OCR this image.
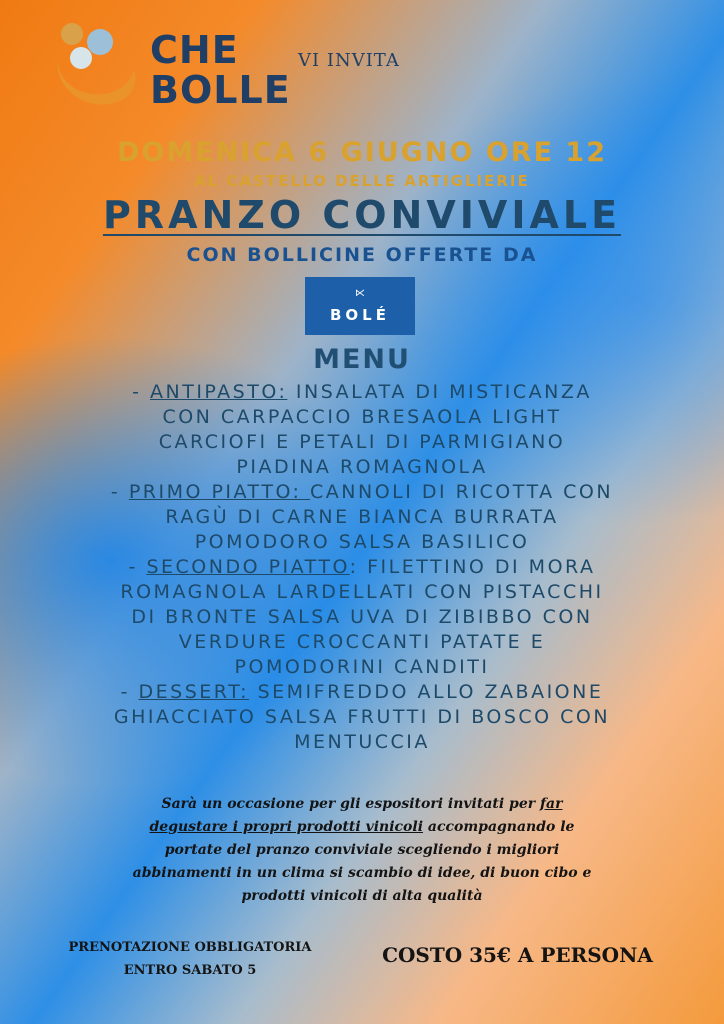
CHE
BOLLE
VI INVITA
DOMENICA 6 GIUGNO ORE 12
AL CASTELLO DELLE ARTIGLIERIE
PRANZO CONVIVIALE
CON BOLLICINE OFFERTE DA
⋉
BOLÉ
MENU
- ANTIPASTO: INSALATA DI MISTICANZA
CON CARPACCIO BRESAOLA LIGHT
CARCIOFI E PETALI DI PARMIGIANO
PIADINA ROMAGNOLA
- PRIMO PIATTO: CANNOLI DI RICOTTA CON
RAGÙ DI CARNE BIANCA BURRATA
POMODORO SALSA BASILICO
- SECONDO PIATTO: FILETTINO DI MORA
ROMAGNOLA LARDELLATI CON PISTACCHI
DI BRONTE SALSA UVA DI ZIBIBBO CON
VERDURE CROCCANTI PATATE E
POMODORINI CANDITI
- DESSERT: SEMIFREDDO ALLO ZABAIONE
GHIACCIATO SALSA FRUTTI DI BOSCO CON
MENTUCCIA
Sarà un occasione per gli espositori invitati per far
degustare i propri prodotti vinicoli accompagnando le
portate del pranzo conviviale scegliendo i migliori
abbinamenti in un clima si scambio di idee, di buon cibo e
prodotti vinicoli di alta qualità
PRENOTAZIONE OBBLIGATORIA
ENTRO SABATO 5
COSTO 35€ A PERSONA
